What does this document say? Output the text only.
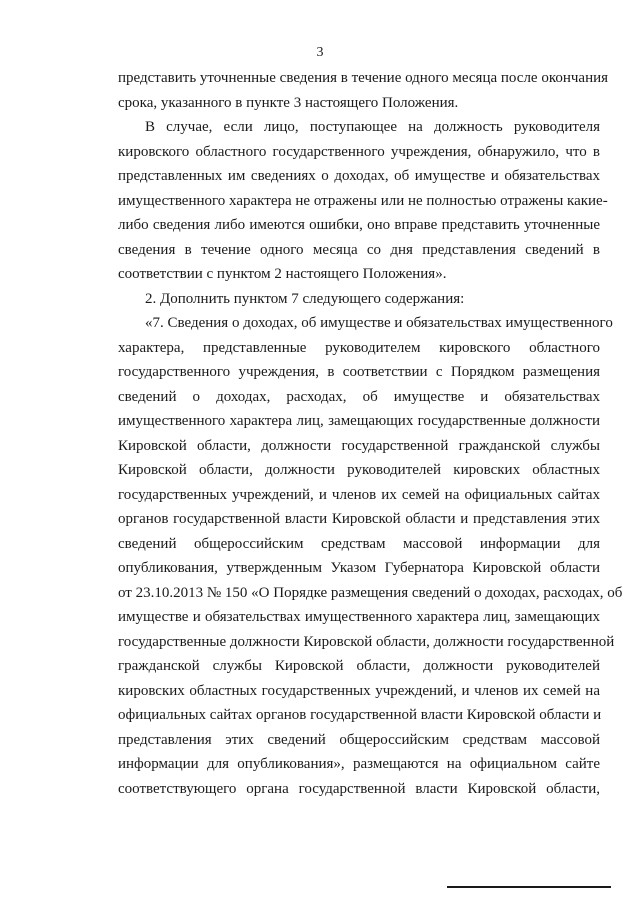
3
представить уточненные сведения в течение одного месяца после окончания
срока, указанного в пункте 3 настоящего Положения.
В случае, если лицо, поступающее на должность руководителя
кировского областного государственного учреждения, обнаружило, что в
представленных им сведениях о доходах, об имуществе и обязательствах
имущественного характера не отражены или не полностью отражены какие-
либо сведения либо имеются ошибки, оно вправе представить уточненные
сведения в течение одного месяца со дня представления сведений в
соответствии с пунктом 2 настоящего Положения».
2. Дополнить пунктом 7 следующего содержания:
«7. Сведения о доходах, об имуществе и обязательствах имущественного
характера, представленные руководителем кировского областного
государственного учреждения, в соответствии с Порядком размещения
сведений о доходах, расходах, об имуществе и обязательствах
имущественного характера лиц, замещающих государственные должности
Кировской области, должности государственной гражданской службы
Кировской области, должности руководителей кировских областных
государственных учреждений, и членов их семей на официальных сайтах
органов государственной власти Кировской области и представления этих
сведений общероссийским средствам массовой информации для
опубликования, утвержденным Указом Губернатора Кировской области
от 23.10.2013 № 150 «О Порядке размещения сведений о доходах, расходах, об
имуществе и обязательствах имущественного характера лиц, замещающих
государственные должности Кировской области, должности государственной
гражданской службы Кировской области, должности руководителей
кировских областных государственных учреждений, и членов их семей на
официальных сайтах органов государственной власти Кировской области и
представления этих сведений общероссийским средствам массовой
информации для опубликования», размещаются на официальном сайте
соответствующего органа государственной власти Кировской области,
